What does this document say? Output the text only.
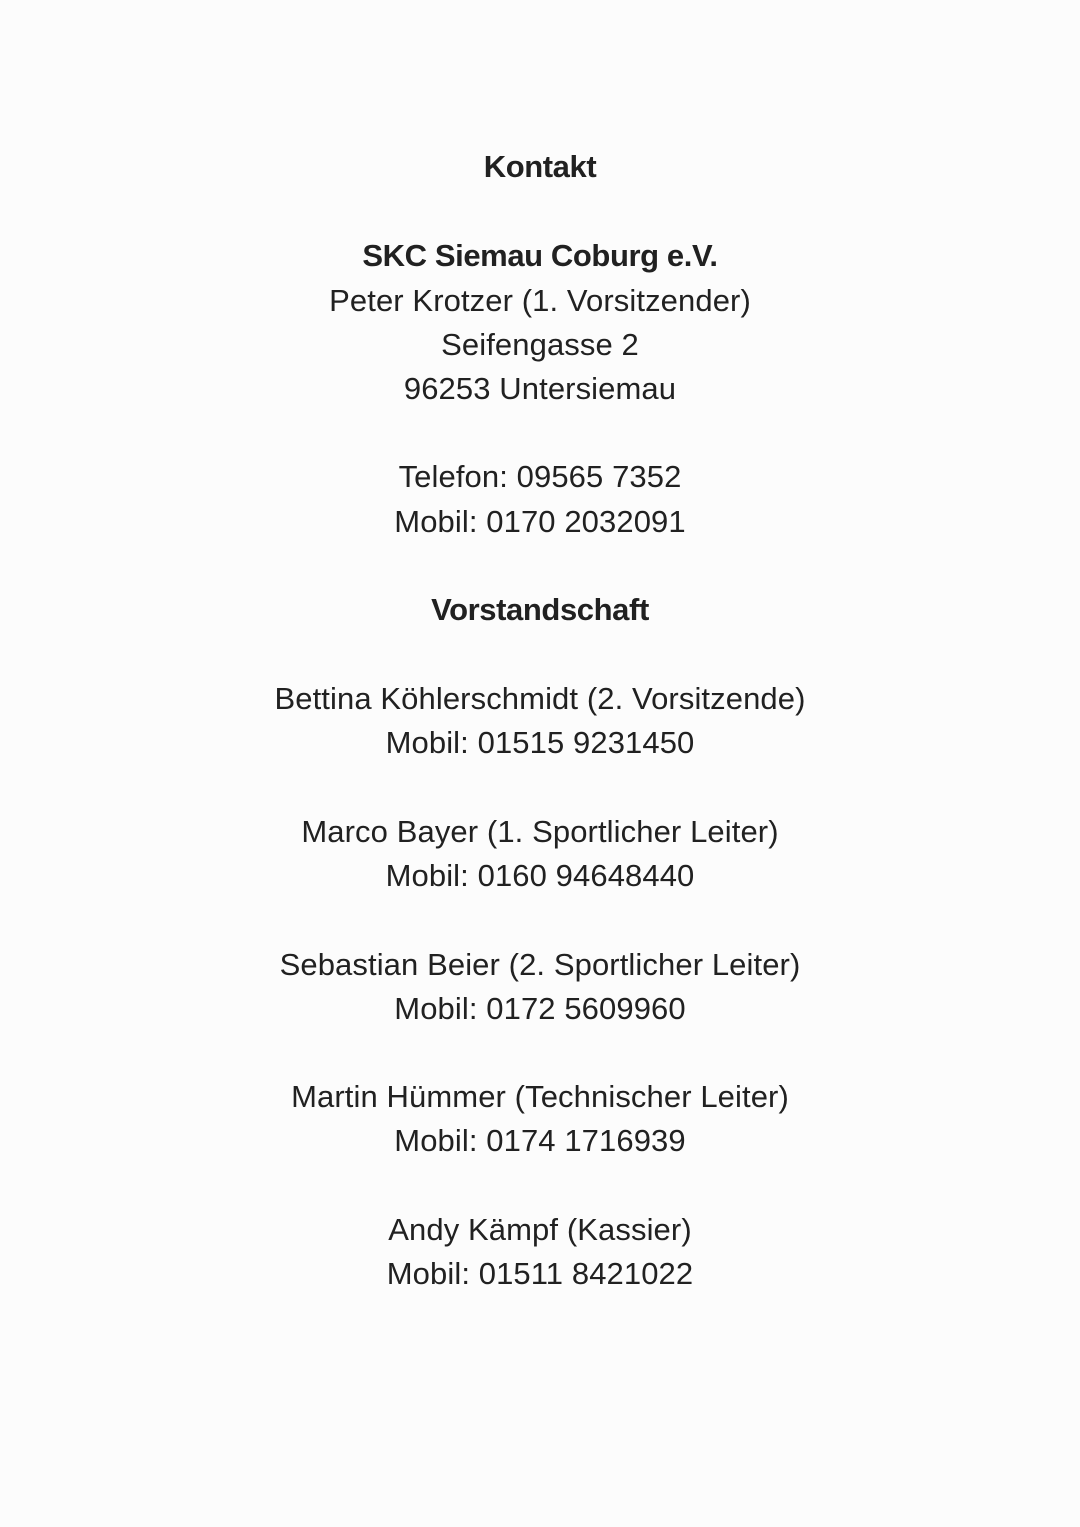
Kontakt
SKC Siemau Coburg e.V.
Peter Krotzer (1. Vorsitzender)
Seifengasse 2
96253 Untersiemau
Telefon: 09565 7352
Mobil: 0170 2032091
Vorstandschaft
Bettina Köhlerschmidt (2. Vorsitzende)
Mobil: 01515 9231450
Marco Bayer (1. Sportlicher Leiter)
Mobil: 0160 94648440
Sebastian Beier (2. Sportlicher Leiter)
Mobil: 0172 5609960
Martin Hümmer (Technischer Leiter)
Mobil: 0174 1716939
Andy Kämpf (Kassier)
Mobil: 01511 8421022
